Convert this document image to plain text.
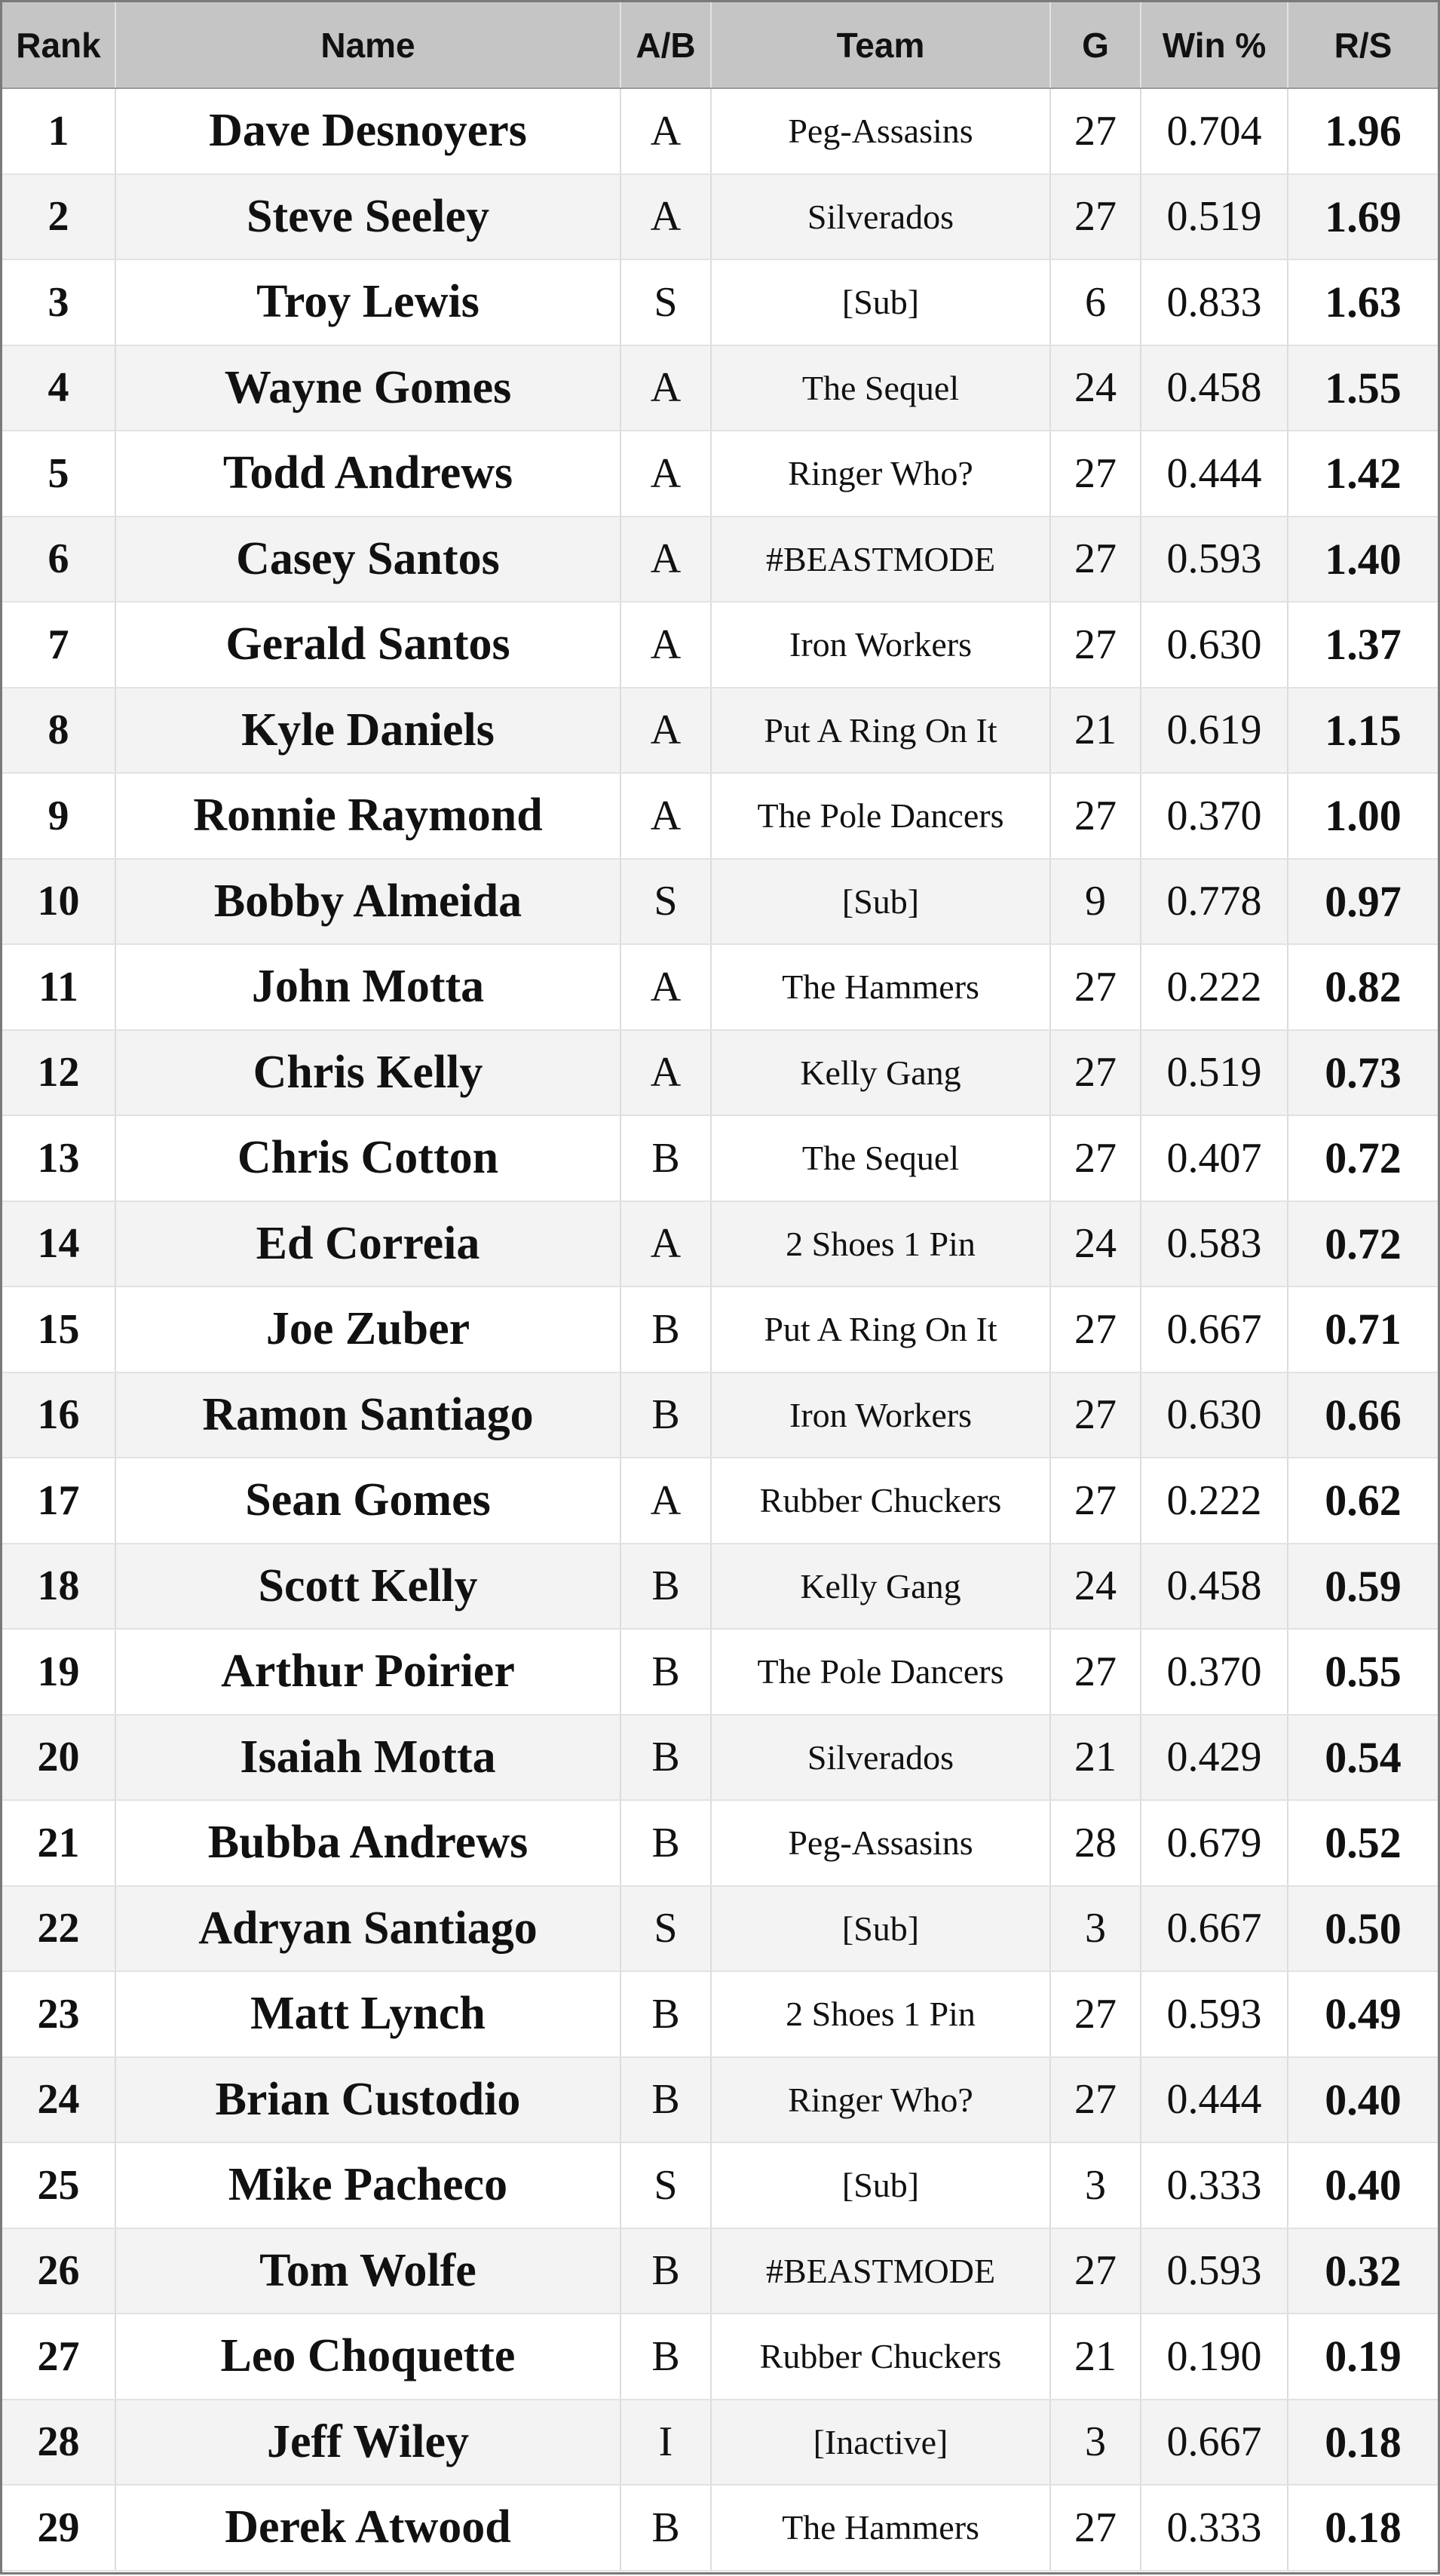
Rank	Name	A/B	Team	G	Win %	R/S
1	Dave Desnoyers	A	Peg-Assasins	27	0.704	1.96
2	Steve Seeley	A	Silverados	27	0.519	1.69
3	Troy Lewis	S	[Sub]	6	0.833	1.63
4	Wayne Gomes	A	The Sequel	24	0.458	1.55
5	Todd Andrews	A	Ringer Who?	27	0.444	1.42
6	Casey Santos	A	#BEASTMODE	27	0.593	1.40
7	Gerald Santos	A	Iron Workers	27	0.630	1.37
8	Kyle Daniels	A	Put A Ring On It	21	0.619	1.15
9	Ronnie Raymond	A	The Pole Dancers	27	0.370	1.00
10	Bobby Almeida	S	[Sub]	9	0.778	0.97
11	John Motta	A	The Hammers	27	0.222	0.82
12	Chris Kelly	A	Kelly Gang	27	0.519	0.73
13	Chris Cotton	B	The Sequel	27	0.407	0.72
14	Ed Correia	A	2 Shoes 1 Pin	24	0.583	0.72
15	Joe Zuber	B	Put A Ring On It	27	0.667	0.71
16	Ramon Santiago	B	Iron Workers	27	0.630	0.66
17	Sean Gomes	A	Rubber Chuckers	27	0.222	0.62
18	Scott Kelly	B	Kelly Gang	24	0.458	0.59
19	Arthur Poirier	B	The Pole Dancers	27	0.370	0.55
20	Isaiah Motta	B	Silverados	21	0.429	0.54
21	Bubba Andrews	B	Peg-Assasins	28	0.679	0.52
22	Adryan Santiago	S	[Sub]	3	0.667	0.50
23	Matt Lynch	B	2 Shoes 1 Pin	27	0.593	0.49
24	Brian Custodio	B	Ringer Who?	27	0.444	0.40
25	Mike Pacheco	S	[Sub]	3	0.333	0.40
26	Tom Wolfe	B	#BEASTMODE	27	0.593	0.32
27	Leo Choquette	B	Rubber Chuckers	21	0.190	0.19
28	Jeff Wiley	I	[Inactive]	3	0.667	0.18
29	Derek Atwood	B	The Hammers	27	0.333	0.18
